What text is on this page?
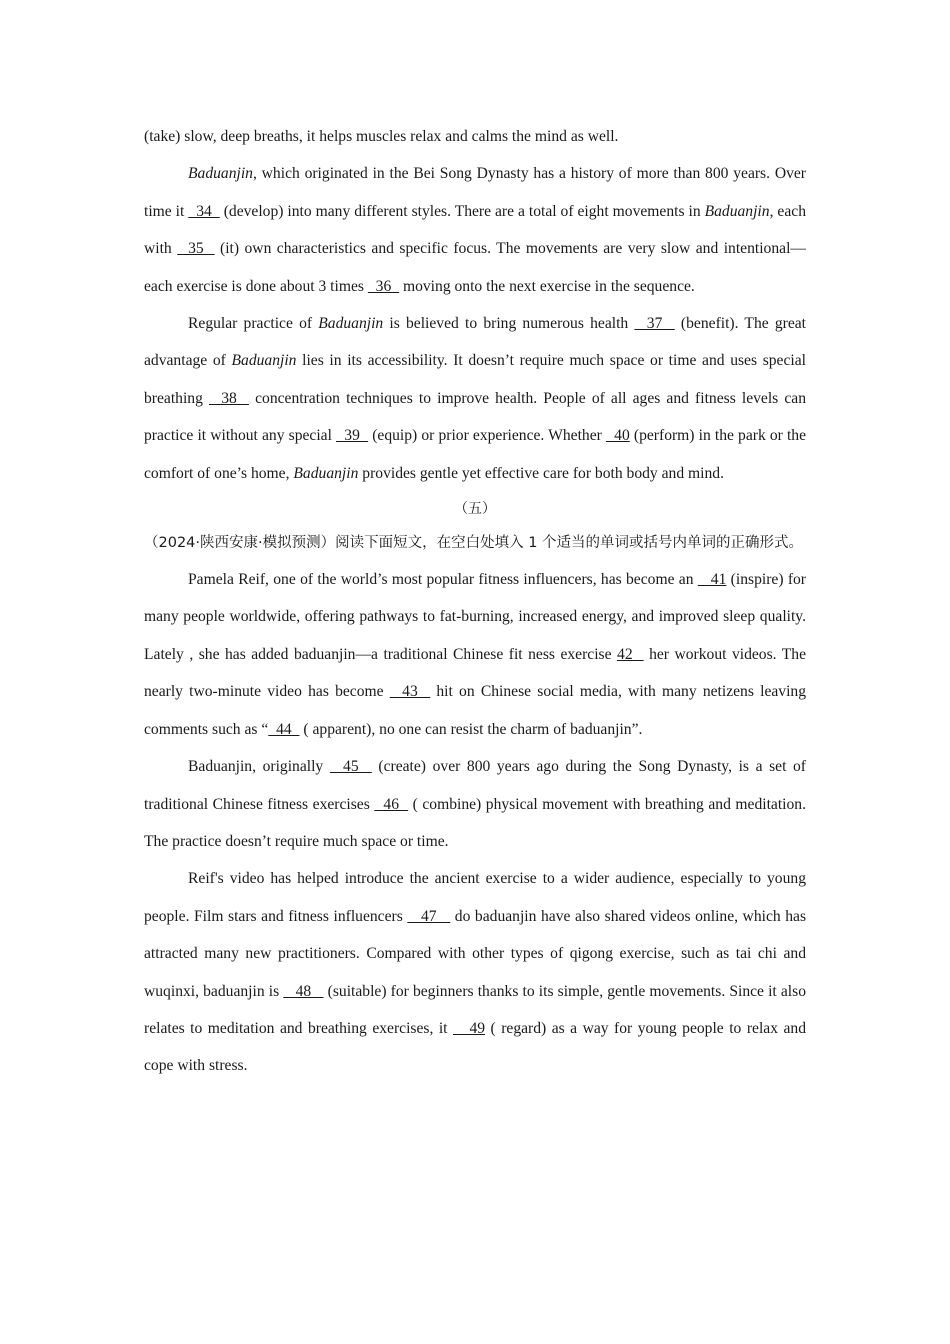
(take) slow, deep breaths, it helps muscles relax and calms the mind as well.

Baduanjin, which originated in the Bei Song Dynasty has a history of more than 800 years. Over time it   34   (develop) into many different styles. There are a total of eight movements in Baduanjin, each with   35   (it) own characteristics and specific focus. The movements are very slow and intentional—each exercise is done about 3 times   36   moving onto the next exercise in the sequence.

Regular practice of Baduanjin is believed to bring numerous health   37   (benefit). The great advantage of Baduanjin lies in its accessibility. It doesn’t require much space or time and uses special breathing   38   concentration techniques to improve health. People of all ages and fitness levels can practice it without any special   39   (equip) or prior experience. Whether   40 (perform) in the park or the comfort of one’s home, Baduanjin provides gentle yet effective care for both body and mind.

（五）

（2024·陕西安康·模拟预测）阅读下面短文，在空白处填入 1 个适当的单词或括号内单词的正确形式。

Pamela Reif, one of the world’s most popular fitness influencers, has become an    41 (inspire) for many people worldwide, offering pathways to fat-burning, increased energy, and improved sleep quality. Lately , she has added baduanjin—a traditional Chinese fit ness exercise 42   her workout videos. The nearly two-minute video has become   43   hit on Chinese social media, with many netizens leaving comments such as “  44   ( apparent), no one can resist the charm of baduanjin”.

Baduanjin, originally   45   (create) over 800 years ago during the Song Dynasty, is a set of traditional Chinese fitness exercises   46   ( combine) physical movement with breathing and meditation. The practice doesn’t require much space or time.

Reif's video has helped introduce the ancient exercise to a wider audience, especially to young people. Film stars and fitness influencers    47    do baduanjin have also shared videos online, which has attracted many new practitioners. Compared with other types of qigong exercise, such as tai chi and wuqinxi, baduanjin is    48    (suitable) for beginners thanks to its simple, gentle movements. Since it also relates to meditation and breathing exercises, it    49 ( regard) as a way for young people to relax and cope with stress.
